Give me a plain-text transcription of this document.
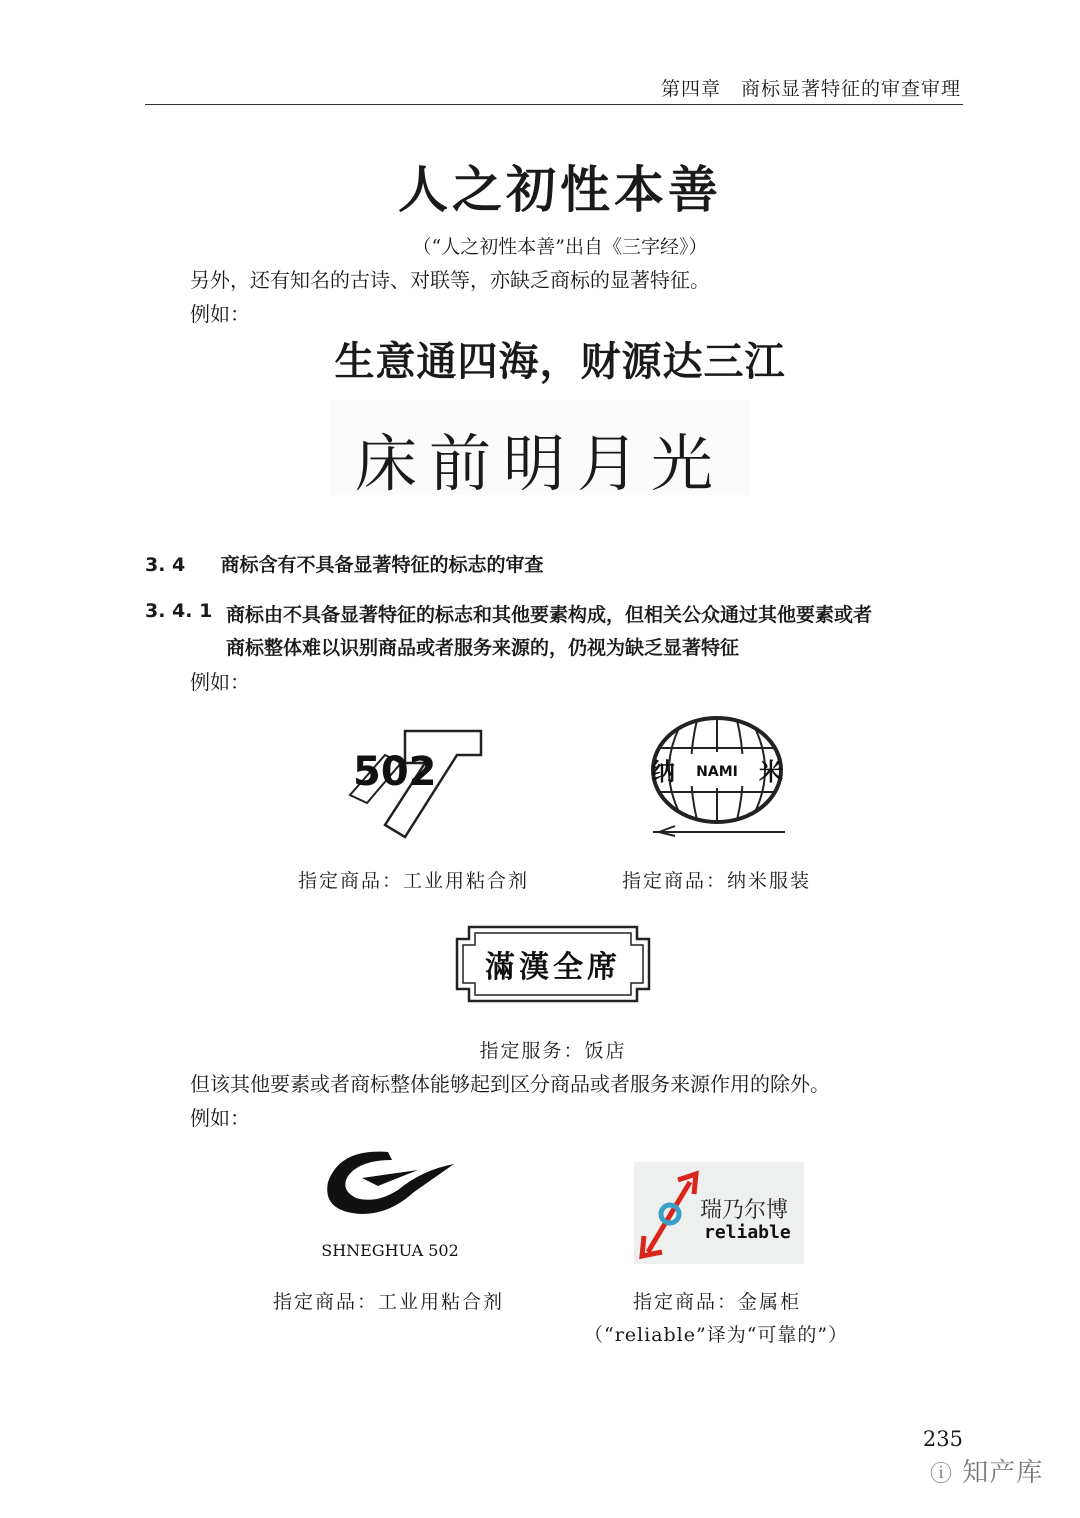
第四章　商标显著特征的审查审理
人之初性本善
（“人之初性本善”出自《三字经》）
另外，还有知名的古诗、对联等，亦缺乏商标的显著特征。
例如：
生意通四海，财源达三江
床前明月光
3. 4 商标含有不具备显著特征的标志的审查
3. 4. 1 商标由不具备显著特征的标志和其他要素构成，但相关公众通过其他要素或者
商标整体难以识别商品或者服务来源的，仍视为缺乏显著特征
例如：
502	纳 NAMI 米
指定商品：工业用粘合剂	指定商品：纳米服装
滿漢全席
指定服务：饭店
但该其他要素或者商标整体能够起到区分商品或者服务来源作用的除外。
例如：
SHNEGHUA 502
瑞乃尔博
reliable
指定商品：工业用粘合剂	指定商品：金属柜
（“reliable”译为“可靠的”）
235
ⓘ 知产库
